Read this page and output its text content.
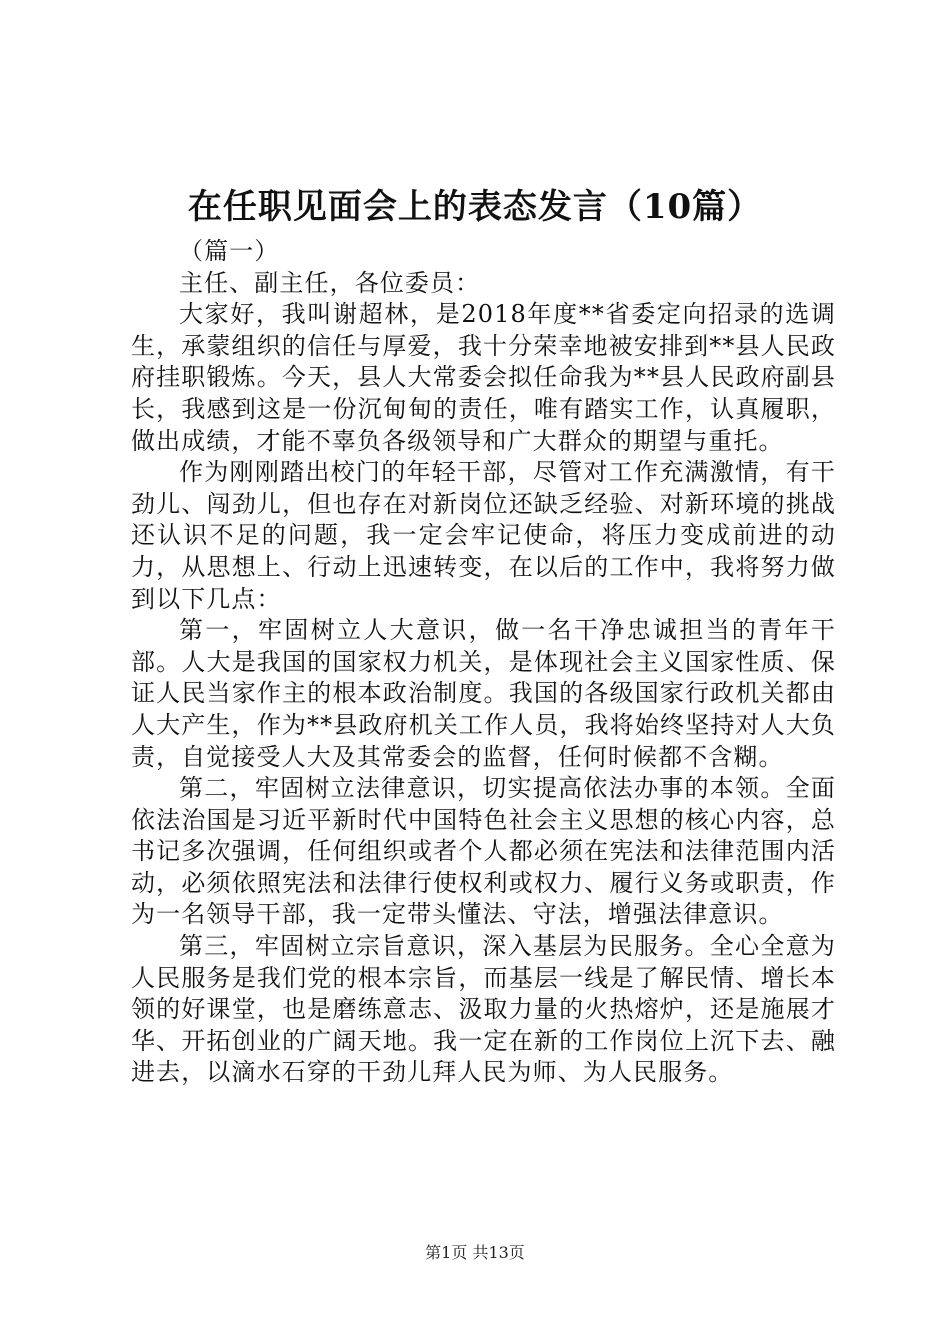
在任职见面会上的表态发言（10篇）

（篇一）

主任、副主任，各位委员：

大家好，我叫谢超林，是2018年度**省委定向招录的选调生，承蒙组织的信任与厚爱，我十分荣幸地被安排到**县人民政府挂职锻炼。今天，县人大常委会拟任命我为**县人民政府副县长，我感到这是一份沉甸甸的责任，唯有踏实工作，认真履职，做出成绩，才能不辜负各级领导和广大群众的期望与重托。

作为刚刚踏出校门的年轻干部，尽管对工作充满激情，有干劲儿、闯劲儿，但也存在对新岗位还缺乏经验、对新环境的挑战还认识不足的问题，我一定会牢记使命，将压力变成前进的动力，从思想上、行动上迅速转变，在以后的工作中，我将努力做到以下几点：

第一，牢固树立人大意识，做一名干净忠诚担当的青年干部。人大是我国的国家权力机关，是体现社会主义国家性质、保证人民当家作主的根本政治制度。我国的各级国家行政机关都由人大产生，作为**县政府机关工作人员，我将始终坚持对人大负责，自觉接受人大及其常委会的监督，任何时候都不含糊。

第二，牢固树立法律意识，切实提高依法办事的本领。全面依法治国是习近平新时代中国特色社会主义思想的核心内容，总书记多次强调，任何组织或者个人都必须在宪法和法律范围内活动，必须依照宪法和法律行使权利或权力、履行义务或职责，作为一名领导干部，我一定带头懂法、守法，增强法律意识。

第三，牢固树立宗旨意识，深入基层为民服务。全心全意为人民服务是我们党的根本宗旨，而基层一线是了解民情、增长本领的好课堂，也是磨练意志、汲取力量的火热熔炉，还是施展才华、开拓创业的广阔天地。我一定在新的工作岗位上沉下去、融进去，以滴水石穿的干劲儿拜人民为师、为人民服务。

第1页 共13页
